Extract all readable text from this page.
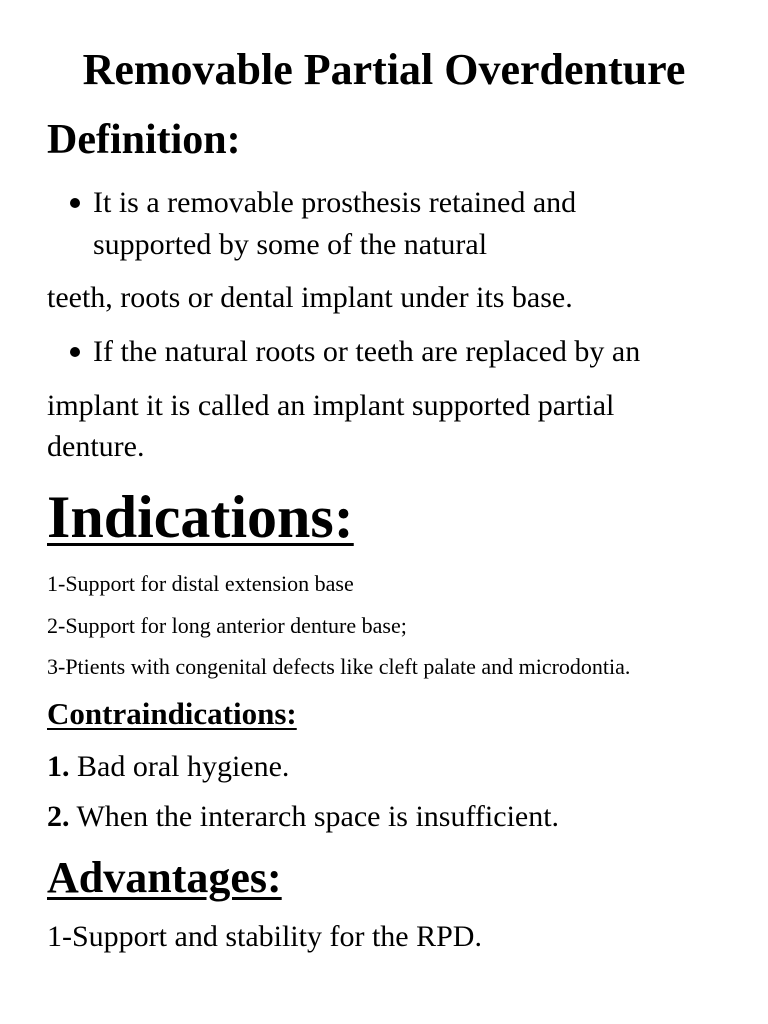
Removable Partial Overdenture
Definition:

It is a removable prosthesis retained and

supported by some of the natural

teeth, roots or dental implant under its base.

If the natural roots or teeth are replaced by an

implant it is called an implant supported partial

denture.

Indications:

1-Support for distal extension base

2-Support for long anterior denture base;

3-Ptients with congenital defects like cleft palate and microdontia.

Contraindications:

1. Bad oral hygiene.

2. When the interarch space is insufficient.

Advantages:

1-Support and stability for the RPD.
